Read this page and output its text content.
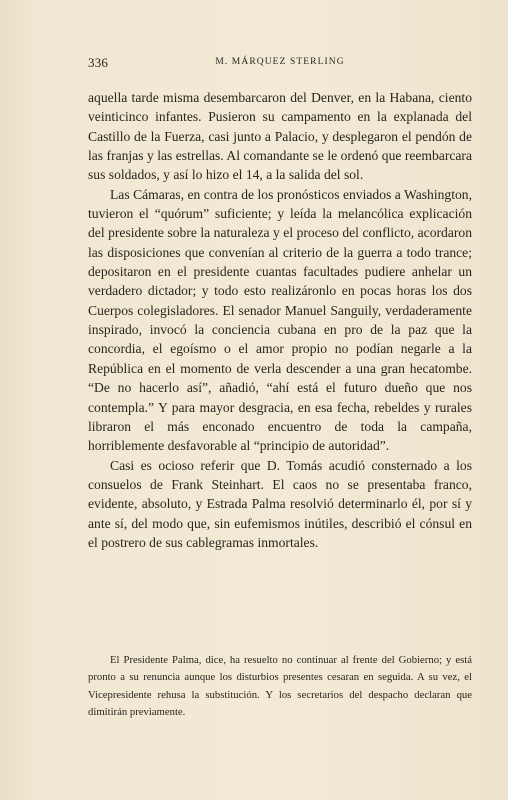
336	M. MÁRQUEZ STERLING

aquella tarde misma desembarcaron del Denver, en la Habana, ciento veinticinco infantes. Pusieron su campamento en la explanada del Castillo de la Fuerza, casi junto a Palacio, y desplegaron el pendón de las franjas y las estrellas. Al comandante se le ordenó que reembarcara sus soldados, y así lo hizo el 14, a la salida del sol.

Las Cámaras, en contra de los pronósticos enviados a Washington, tuvieron el “quórum” suficiente; y leída la melancólica explicación del presidente sobre la naturaleza y el proceso del conflicto, acordaron las disposiciones que convenían al criterio de la guerra a todo trance; depositaron en el presidente cuantas facultades pudiere anhelar un verdadero dictador; y todo esto realizáronlo en pocas horas los dos Cuerpos colegisladores. El senador Manuel Sanguily, verdaderamente inspirado, invocó la conciencia cubana en pro de la paz que la concordia, el egoísmo o el amor propio no podían negarle a la República en el momento de verla descender a una gran hecatombe. “De no hacerlo así”, añadió, “ahí está el futuro dueño que nos contempla.” Y para mayor desgracia, en esa fecha, rebeldes y rurales libraron el más enconado encuentro de toda la campaña, horriblemente desfavorable al “principio de autoridad”.

Casi es ocioso referir que D. Tomás acudió consternado a los consuelos de Frank Steinhart. El caos no se presentaba franco, evidente, absoluto, y Estrada Palma resolvió determinarlo él, por sí y ante sí, del modo que, sin eufemismos inútiles, describió el cónsul en el postrero de sus cablegramas inmortales.

El Presidente Palma, dice, ha resuelto no continuar al frente del Gobierno; y está pronto a su renuncia aunque los disturbios presentes cesaran en seguida. A su vez, el Vicepresidente rehusa la substitución. Y los secretarios del despacho declaran que dimitirán previamente.
